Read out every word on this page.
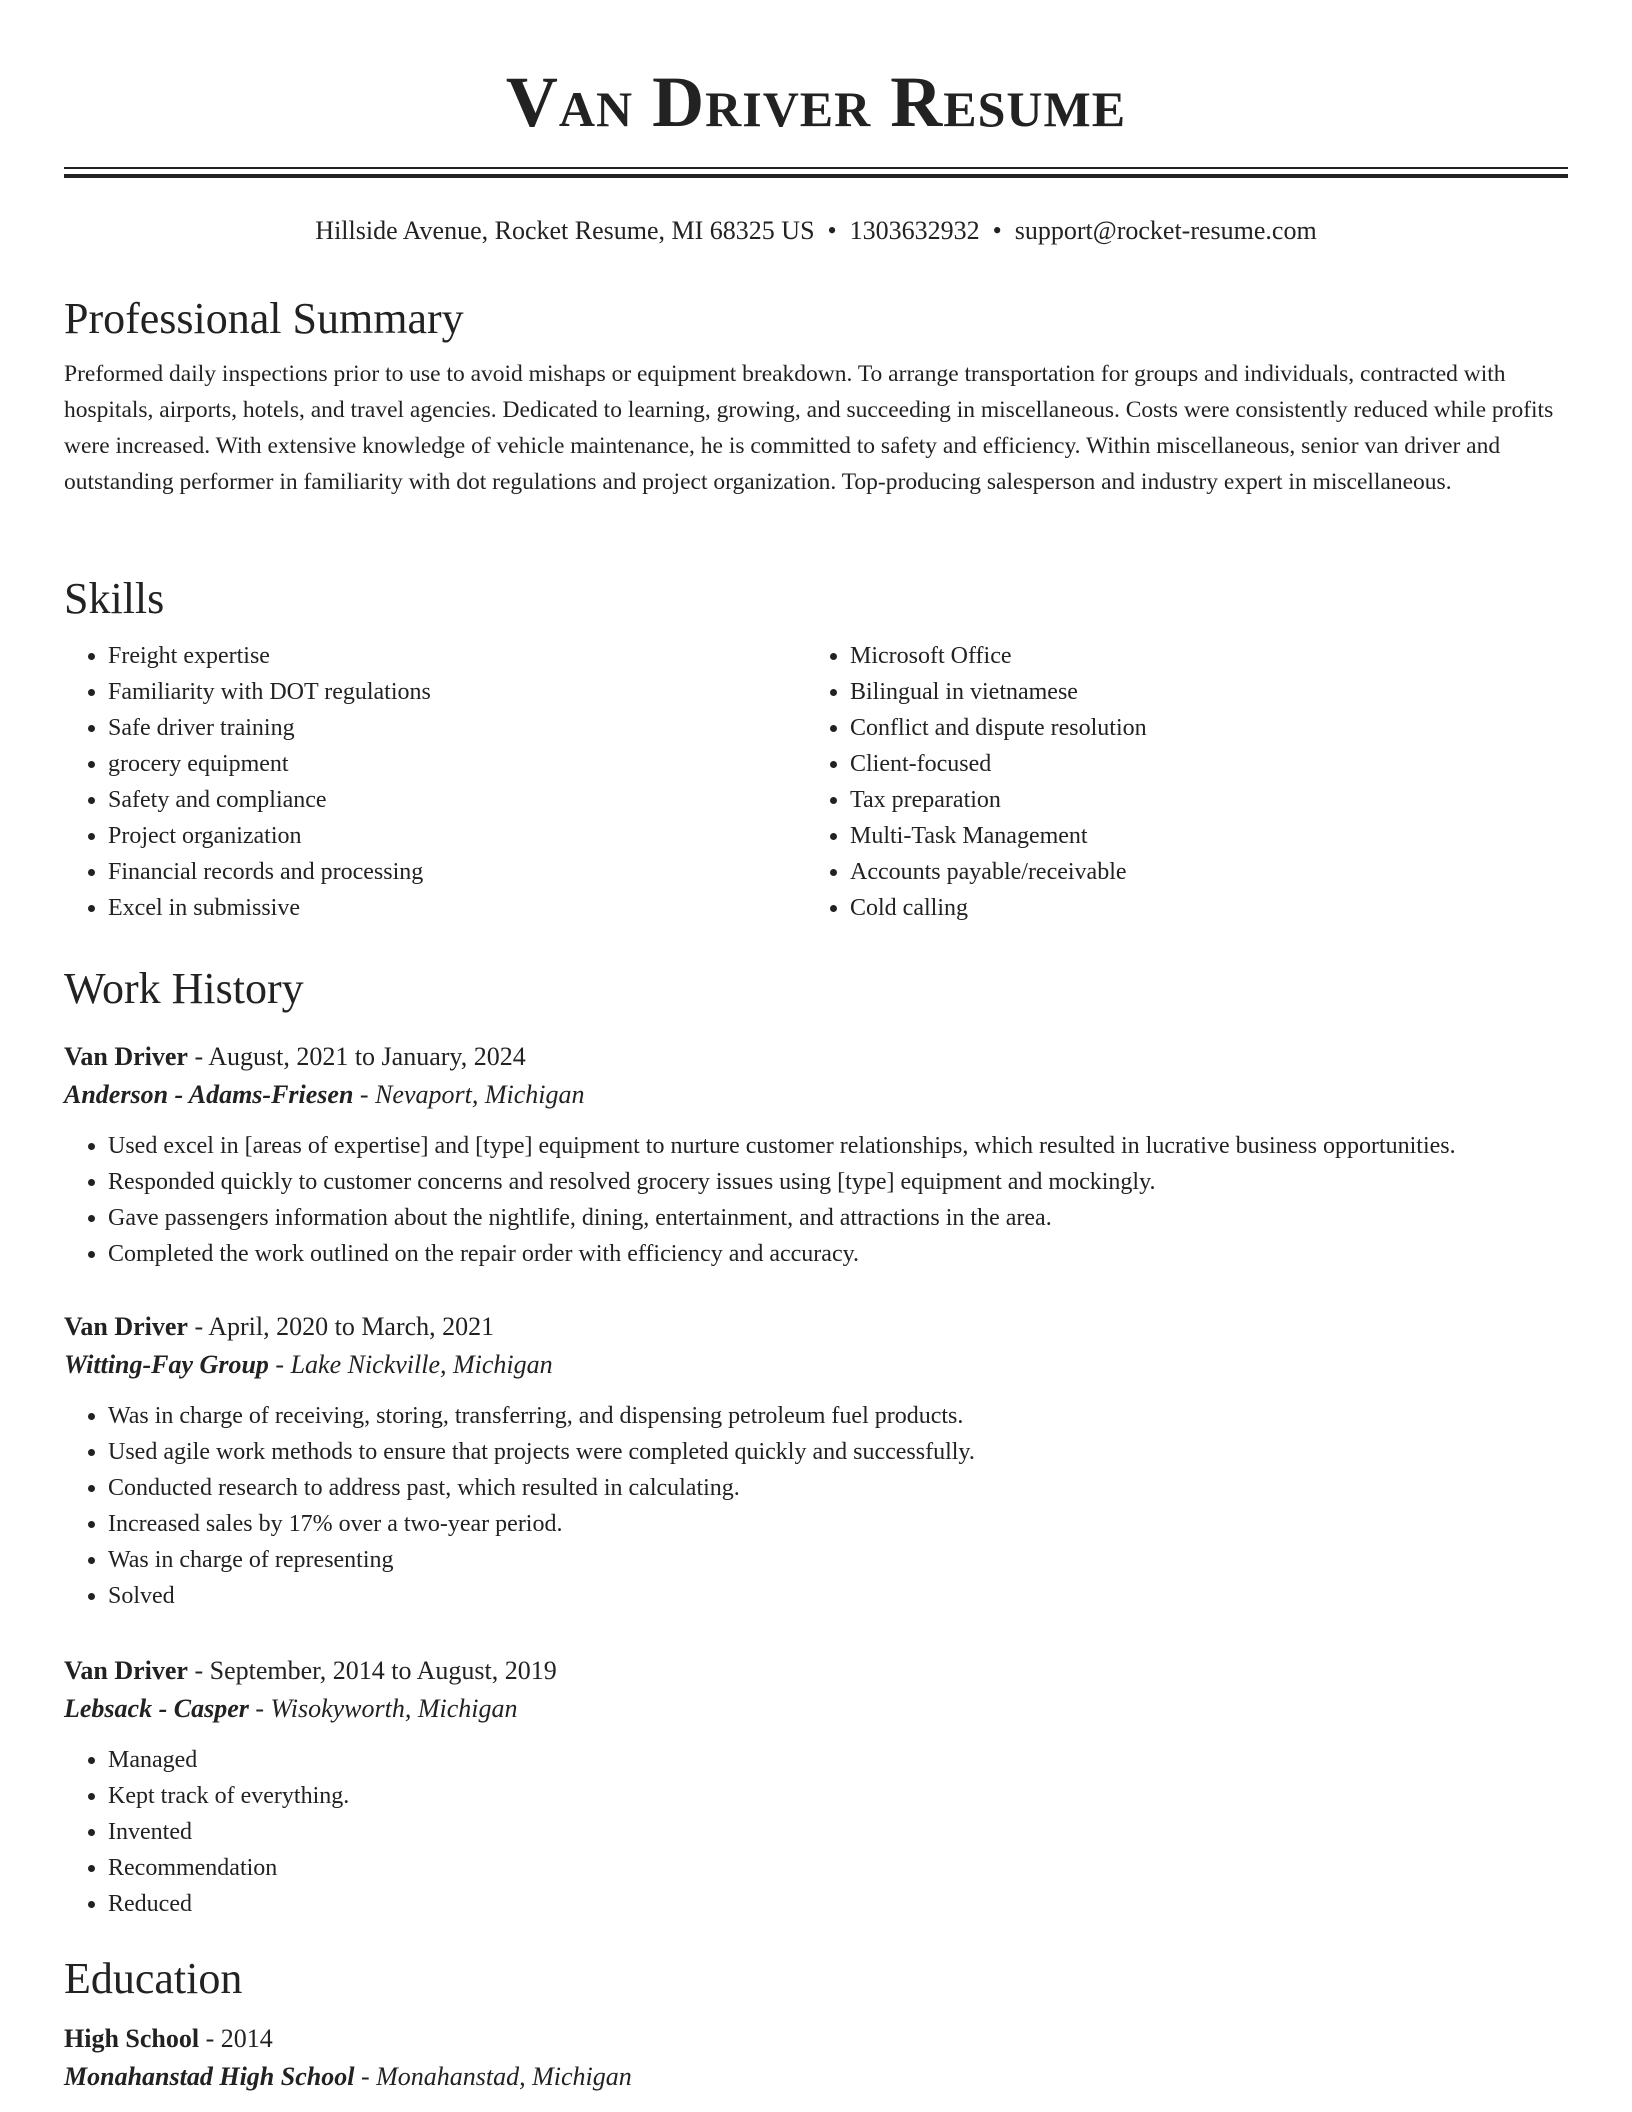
Van Driver Resume
Hillside Avenue, Rocket Resume, MI 68325 US • 1303632932 • support@rocket-resume.com
Professional Summary

Preformed daily inspections prior to use to avoid mishaps or equipment breakdown. To arrange transportation for groups and individuals, contracted with hospitals, airports, hotels, and travel agencies. Dedicated to learning, growing, and succeeding in miscellaneous. Costs were consistently reduced while profits were increased. With extensive knowledge of vehicle maintenance, he is committed to safety and efficiency. Within miscellaneous, senior van driver and outstanding performer in familiarity with dot regulations and project organization. Top-producing salesperson and industry expert in miscellaneous.

Skills
• Freight expertise
• Familiarity with DOT regulations
• Safe driver training
• grocery equipment
• Safety and compliance
• Project organization
• Financial records and processing
• Excel in submissive
• Microsoft Office
• Bilingual in vietnamese
• Conflict and dispute resolution
• Client-focused
• Tax preparation
• Multi-Task Management
• Accounts payable/receivable
• Cold calling
Work History

Van Driver - August, 2021 to January, 2024

Anderson - Adams-Friesen - Nevaport, Michigan

• Used excel in [areas of expertise] and [type] equipment to nurture customer relationships, which resulted in lucrative business opportunities.
• Responded quickly to customer concerns and resolved grocery issues using [type] equipment and mockingly.
• Gave passengers information about the nightlife, dining, entertainment, and attractions in the area.
• Completed the work outlined on the repair order with efficiency and accuracy.

Van Driver - April, 2020 to March, 2021

Witting-Fay Group - Lake Nickville, Michigan

• Was in charge of receiving, storing, transferring, and dispensing petroleum fuel products.
• Used agile work methods to ensure that projects were completed quickly and successfully.
• Conducted research to address past, which resulted in calculating.
• Increased sales by 17% over a two-year period.
• Was in charge of representing
• Solved

Van Driver - September, 2014 to August, 2019

Lebsack - Casper - Wisokyworth, Michigan

• Managed
• Kept track of everything.
• Invented
• Recommendation
• Reduced
Education

High School - 2014

Monahanstad High School - Monahanstad, Michigan
